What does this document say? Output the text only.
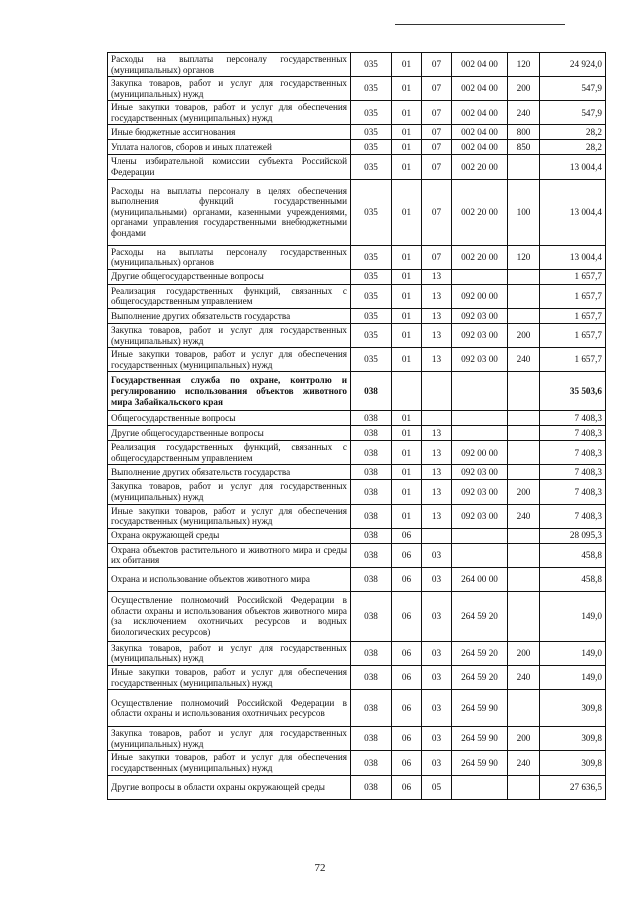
Расходы на выплаты персоналу государственных (муниципальных) органов	035	01	07	002 04 00	120	24 924,0
Закупка товаров, работ и услуг для государственных (муниципальных) нужд	035	01	07	002 04 00	200	547,9
Иные закупки товаров, работ и услуг для обеспечения государственных (муниципальных) нужд	035	01	07	002 04 00	240	547,9
Иные бюджетные ассигнования	035	01	07	002 04 00	800	28,2
Уплата налогов, сборов и иных платежей	035	01	07	002 04 00	850	28,2
Члены избирательной комиссии субъекта Российской Федерации	035	01	07	002 20 00		13 004,4
Расходы на выплаты персоналу в целях обеспечения выполнения функций государственными (муниципальными) органами, казенными учреждениями, органами управления государственными внебюджетными фондами	035	01	07	002 20 00	100	13 004,4
Расходы на выплаты персоналу государственных (муниципальных) органов	035	01	07	002 20 00	120	13 004,4
Другие общегосударственные вопросы	035	01	13			1 657,7
Реализация государственных функций, связанных с общегосударственным управлением	035	01	13	092 00 00		1 657,7
Выполнение других обязательств государства	035	01	13	092 03 00		1 657,7
Закупка товаров, работ и услуг для государственных (муниципальных) нужд	035	01	13	092 03 00	200	1 657,7
Иные закупки товаров, работ и услуг для обеспечения государственных (муниципальных) нужд	035	01	13	092 03 00	240	1 657,7
Государственная служба по охране, контролю и регулированию использования объектов животного мира Забайкальского края	038					35 503,6
Общегосударственные вопросы	038	01				7 408,3
Другие общегосударственные вопросы	038	01	13			7 408,3
Реализация государственных функций, связанных с общегосударственным управлением	038	01	13	092 00 00		7 408,3
Выполнение других обязательств государства	038	01	13	092 03 00		7 408,3
Закупка товаров, работ и услуг для государственных (муниципальных) нужд	038	01	13	092 03 00	200	7 408,3
Иные закупки товаров, работ и услуг для обеспечения государственных (муниципальных) нужд	038	01	13	092 03 00	240	7 408,3
Охрана окружающей среды	038	06				28 095,3
Охрана объектов растительного и животного мира и среды их обитания	038	06	03			458,8
Охрана и использование объектов животного мира	038	06	03	264 00 00		458,8
Осуществление полномочий Российской Федерации в области охраны и использования объектов животного мира (за исключением охотничьих ресурсов и водных биологических ресурсов)	038	06	03	264 59 20		149,0
Закупка товаров, работ и услуг для государственных (муниципальных) нужд	038	06	03	264 59 20	200	149,0
Иные закупки товаров, работ и услуг для обеспечения государственных (муниципальных) нужд	038	06	03	264 59 20	240	149,0
Осуществление полномочий Российской Федерации в области охраны и использования охотничьих ресурсов	038	06	03	264 59 90		309,8
Закупка товаров, работ и услуг для государственных (муниципальных) нужд	038	06	03	264 59 90	200	309,8
Иные закупки товаров, работ и услуг для обеспечения государственных (муниципальных) нужд	038	06	03	264 59 90	240	309,8
Другие вопросы в области охраны окружающей среды	038	06	05			27 636,5
72
